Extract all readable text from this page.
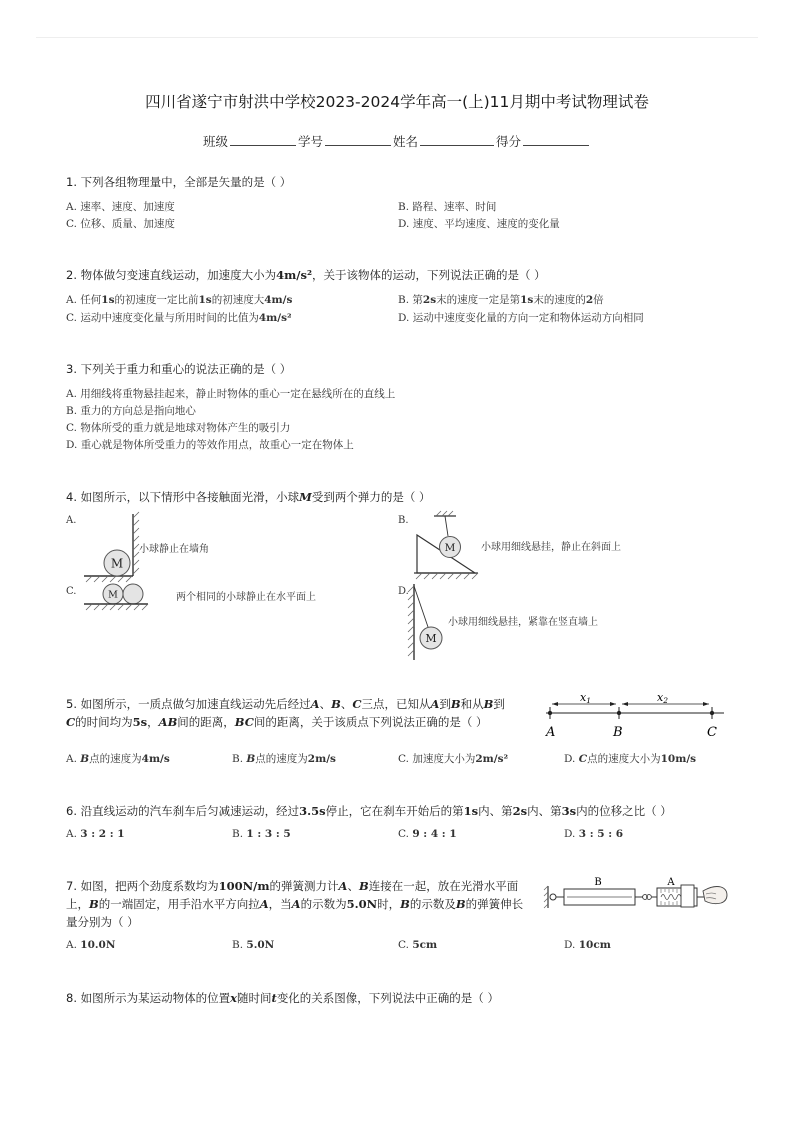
四川省遂宁市射洪中学校2023-2024学年高一(上)11月期中考试物理试卷
班级	学号	姓名	得分
1. 下列各组物理量中，全部是矢量的是（ ）
A. 速率、速度、加速度	B. 路程、速率、时间
C. 位移、质量、加速度	D. 速度、平均速度、速度的变化量
2. 物体做匀变速直线运动，加速度大小为4m/s²，关于该物体的运动，下列说法正确的是（ ）
A. 任何1s的初速度一定比前1s的初速度大4m/s	B. 第2s末的速度一定是第1s末的速度的2倍
C. 运动中速度变化量与所用时间的比值为4m/s²	D. 运动中速度变化量的方向一定和物体运动方向相同
3. 下列关于重力和重心的说法正确的是（ ）
A. 用细线将重物悬挂起来，静止时物体的重心一定在悬线所在的直线上
B. 重力的方向总是指向地心
C. 物体所受的重力就是地球对物体产生的吸引力
D. 重心就是物体所受重力的等效作用点，故重心一定在物体上
4. 如图所示，以下情形中各接触面光滑，小球M受到两个弹力的是（ ）
A.	B.
C.	D.
M
小球静止在墙角	M	小球用细线悬挂，静止在斜面上
M	两个相同的小球静止在水平面上
M
小球用细线悬挂，紧靠在竖直墙上
5. 如图所示，一质点做匀加速直线运动先后经过A、B、C三点，已知从A到B和从B到
C的时间均为5s，AB间的距离，BC间的距离，关于该质点下列说法正确的是（ ）
x1	x2
A	B	C
A. B点的速度为4m/s	B. B点的速度为2m/s	C. 加速度大小为2m/s²	D. C点的速度大小为10m/s
6. 沿直线运动的汽车刹车后匀减速运动，经过3.5s停止，它在刹车开始后的第1s内、第2s内、第3s内的位移之比（ ）
A. 3 : 2 : 1	B. 1 : 3 : 5	C. 9 : 4 : 1	D. 3 : 5 : 6
7. 如图，把两个劲度系数均为100N/m的弹簧测力计A、B连接在一起，放在光滑水平面
上，B的一端固定，用手沿水平方向拉A，当A的示数为5.0N时，B的示数及B的弹簧伸长
量分别为（ ）
B	A
A. 10.0N	B. 5.0N	C. 5cm	D. 10cm
8. 如图所示为某运动物体的位置x随时间t变化的关系图像，下列说法中正确的是（ ）
